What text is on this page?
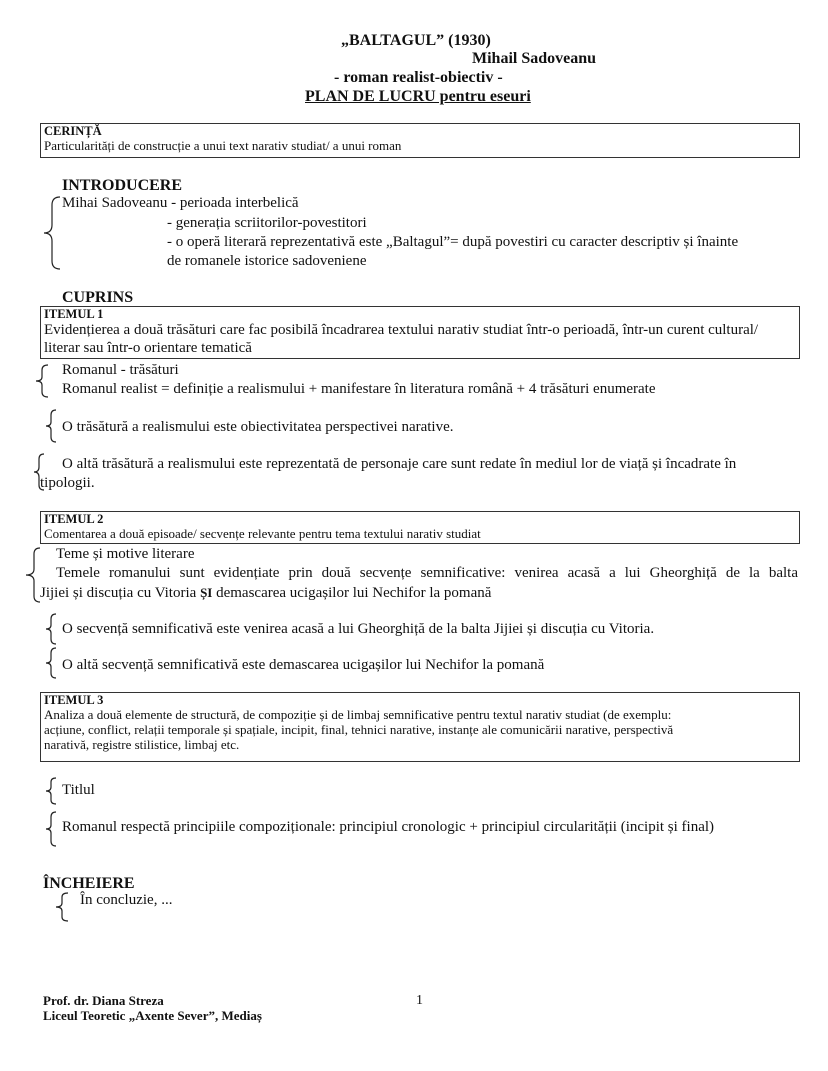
„BALTAGUL” (1930)
Mihail Sadoveanu
- roman realist-obiectiv -
PLAN DE LUCRU pentru eseuri
CERINȚĂ
Particularități de construcție a unui text narativ studiat/ a unui roman
INTRODUCERE
Mihai Sadoveanu - perioada interbelică
- generația scriitorilor-povestitori
- o operă literară reprezentativă este „Baltagul”= după povestiri cu caracter descriptiv și înainte
de romanele istorice sadoveniene
CUPRINS
ITEMUL 1
Evidențierea a două trăsături care fac posibilă încadrarea textului narativ studiat într-o perioadă, într-un curent cultural/ literar sau într-o orientare tematică
Romanul - trăsături
Romanul realist = definiție a realismului + manifestare în literatura română + 4 trăsături enumerate
O trăsătură a realismului este obiectivitatea perspectivei narative.
O altă trăsătură a realismului este reprezentată de personaje care sunt redate în mediul lor de viață și încadrate în
tipologii.
ITEMUL 2
Comentarea a două episoade/ secvențe relevante pentru tema textului narativ studiat
Teme și motive literare
Temele romanului sunt evidențiate prin două secvențe semnificative: venirea acasă a lui Gheorghiță de la balta
Jijiei și discuția cu Vitoria ȘI demascarea ucigașilor lui Nechifor la pomană
O secvență semnificativă este venirea acasă a lui Gheorghiță de la balta Jijiei și discuția cu Vitoria.
O altă secvență semnificativă este demascarea ucigașilor lui Nechifor la pomană
ITEMUL 3
Analiza a două elemente de structură, de compoziție și de limbaj semnificative pentru textul narativ studiat (de exemplu:
acțiune, conflict, relații temporale și spațiale, incipit, final, tehnici narative, instanțe ale comunicării narative, perspectivă
narativă, registre stilistice, limbaj etc.
Titlul
Romanul respectă principiile compoziționale: principiul cronologic + principiul circularității (incipit și final)
ÎNCHEIERE
În concluzie, ...
Prof. dr. Diana Streza
Liceul Teoretic „Axente Sever”, Mediaș
1
